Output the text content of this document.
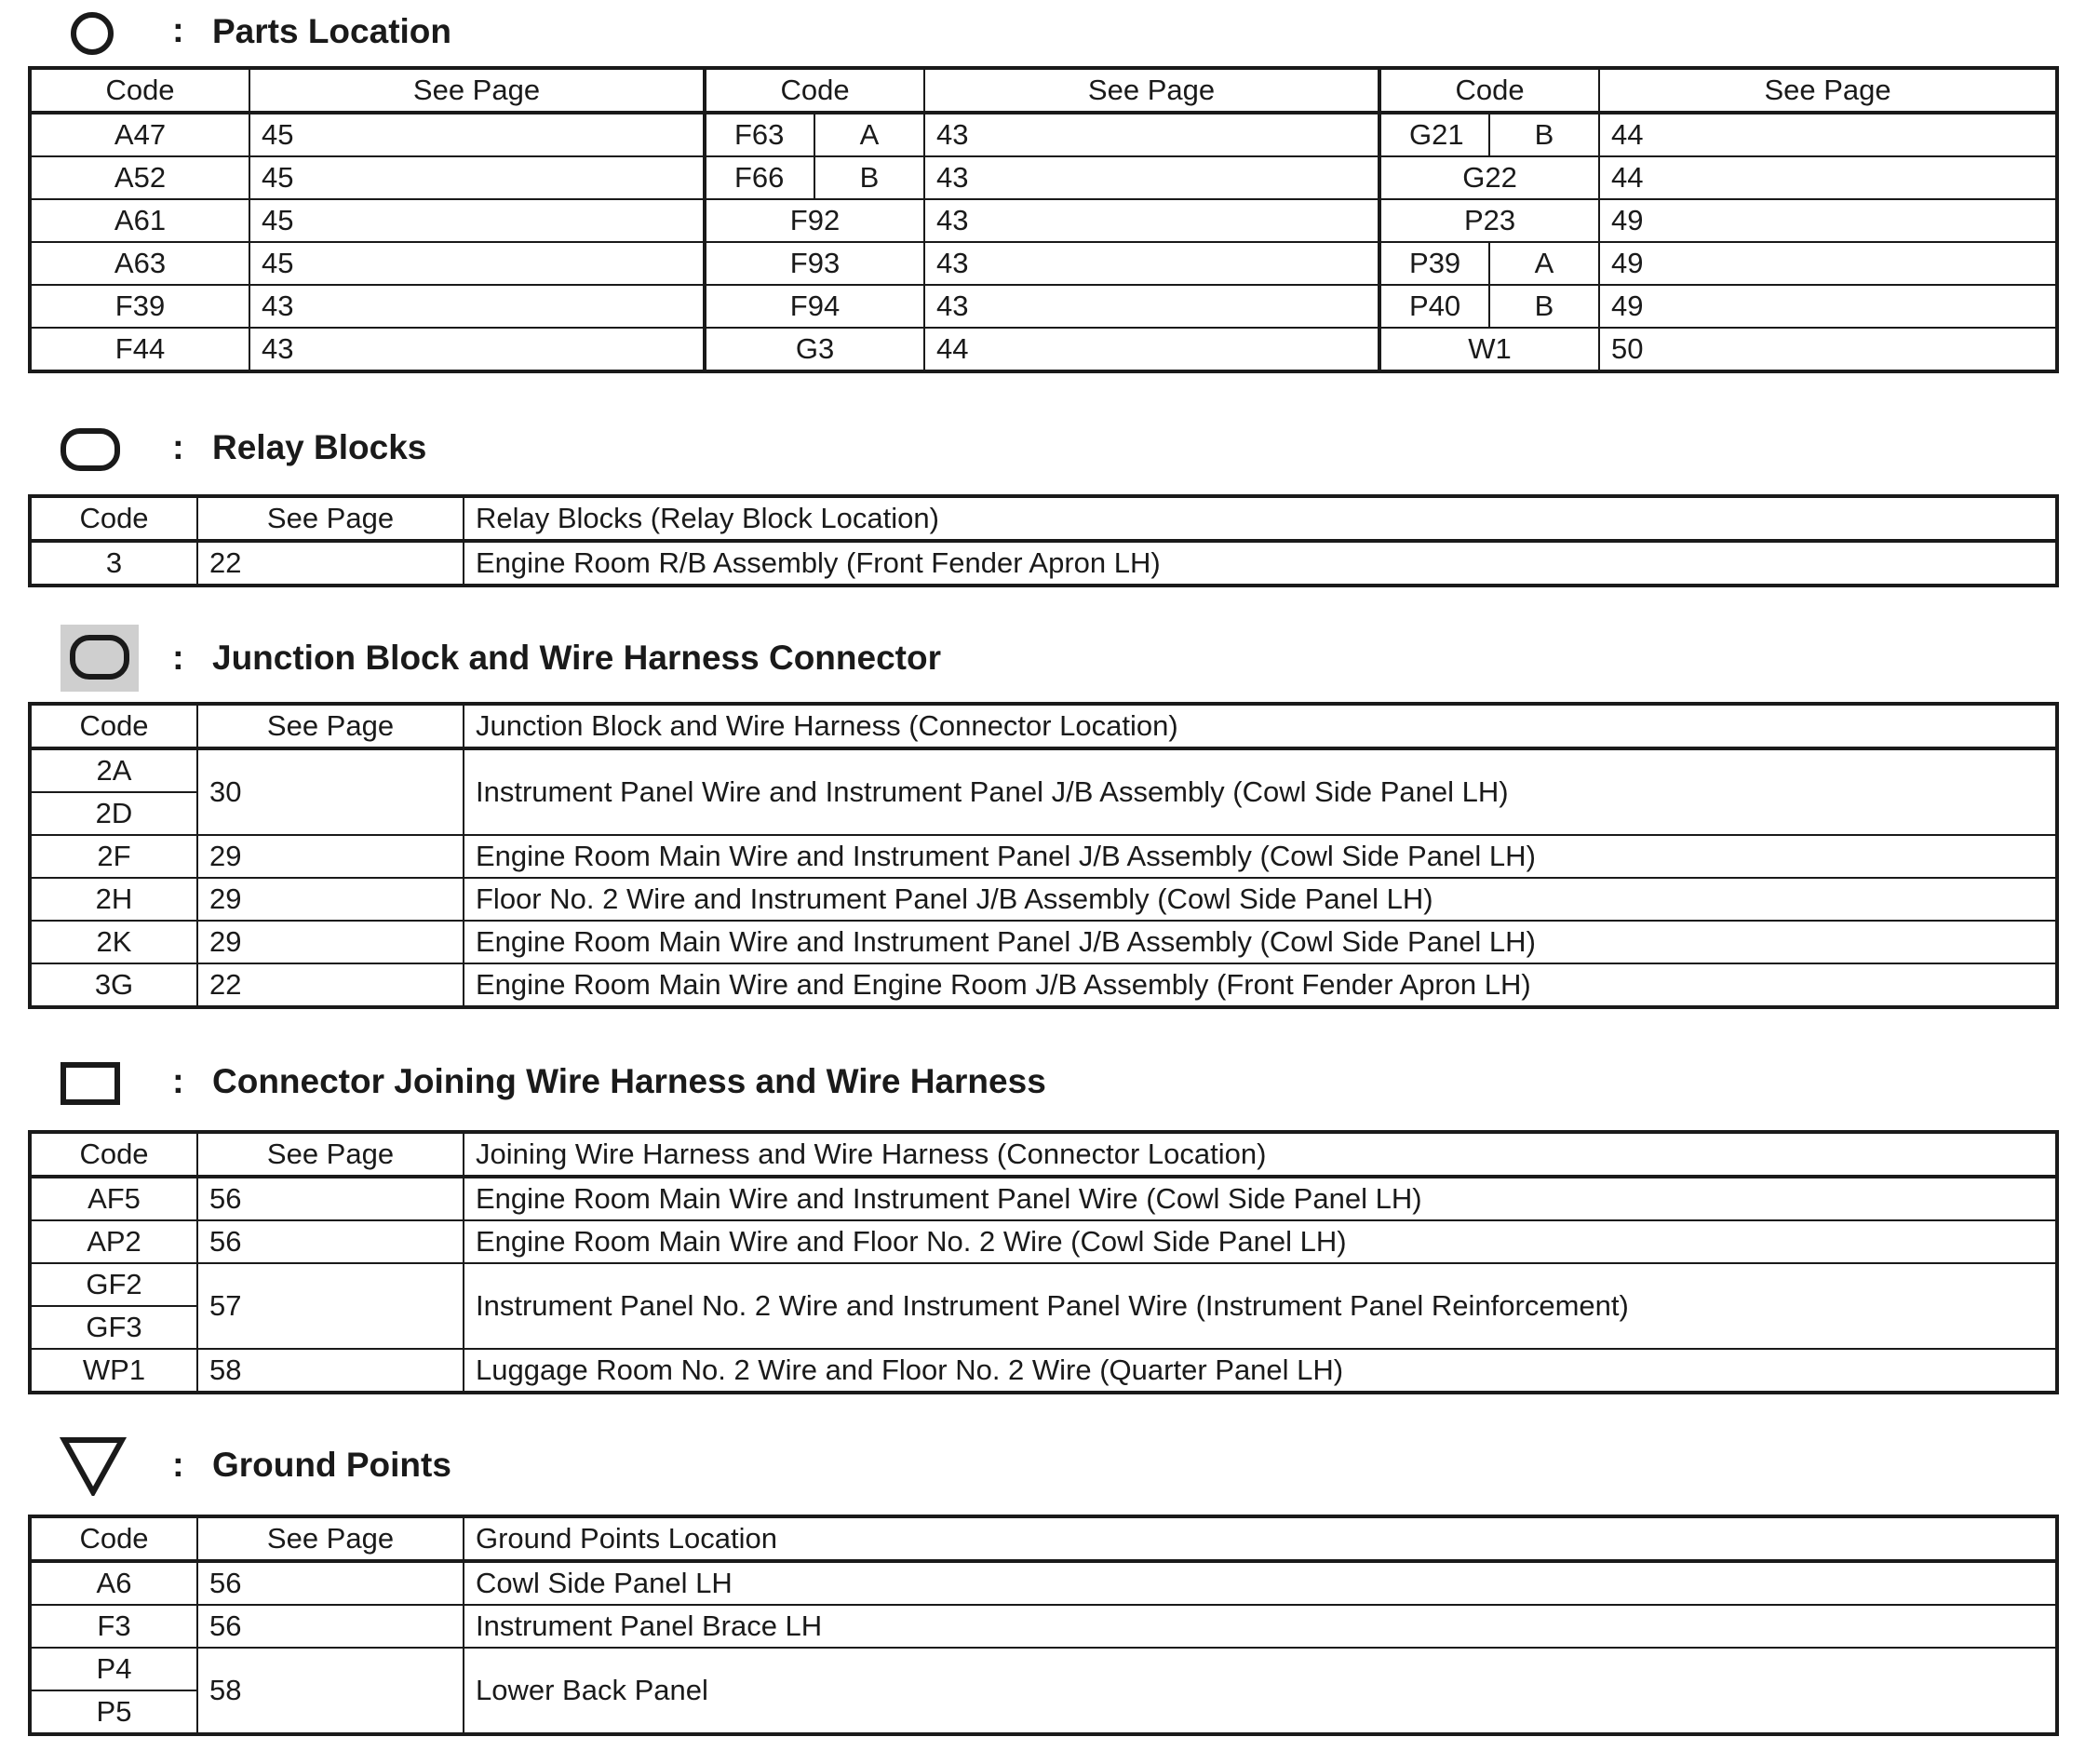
: Parts Location
Code	See Page	Code		See Page	Code		See Page
A47	45	F63	A	43	G21	B	44
A52	45	F66	B	43	G22		44
A61	45	F92		43	P23		49
A63	45	F93		43	P39	A	49
F39	43	F94		43	P40	B	49
F44	43	G3		44	W1		50
: Relay Blocks
Code	See Page	Relay Blocks (Relay Block Location)
3	22	Engine Room R/B Assembly (Front Fender Apron LH)
: Junction Block and Wire Harness Connector
Code	See Page	Junction Block and Wire Harness (Connector Location)
2A	30	Instrument Panel Wire and Instrument Panel J/B Assembly (Cowl Side Panel LH)
2D		
2F	29	Engine Room Main Wire and Instrument Panel J/B Assembly (Cowl Side Panel LH)
2H	29	Floor No. 2 Wire and Instrument Panel J/B Assembly (Cowl Side Panel LH)
2K	29	Engine Room Main Wire and Instrument Panel J/B Assembly (Cowl Side Panel LH)
3G	22	Engine Room Main Wire and Engine Room J/B Assembly (Front Fender Apron LH)
: Connector Joining Wire Harness and Wire Harness
Code	See Page	Joining Wire Harness and Wire Harness (Connector Location)
AF5	56	Engine Room Main Wire and Instrument Panel Wire (Cowl Side Panel LH)
AP2	56	Engine Room Main Wire and Floor No. 2 Wire (Cowl Side Panel LH)
GF2	57	Instrument Panel No. 2 Wire and Instrument Panel Wire (Instrument Panel Reinforcement)
GF3		
WP1	58	Luggage Room No. 2 Wire and Floor No. 2 Wire (Quarter Panel LH)
: Ground Points
Code	See Page	Ground Points Location
A6	56	Cowl Side Panel LH
F3	56	Instrument Panel Brace LH
P4	58	Lower Back Panel
P5		
